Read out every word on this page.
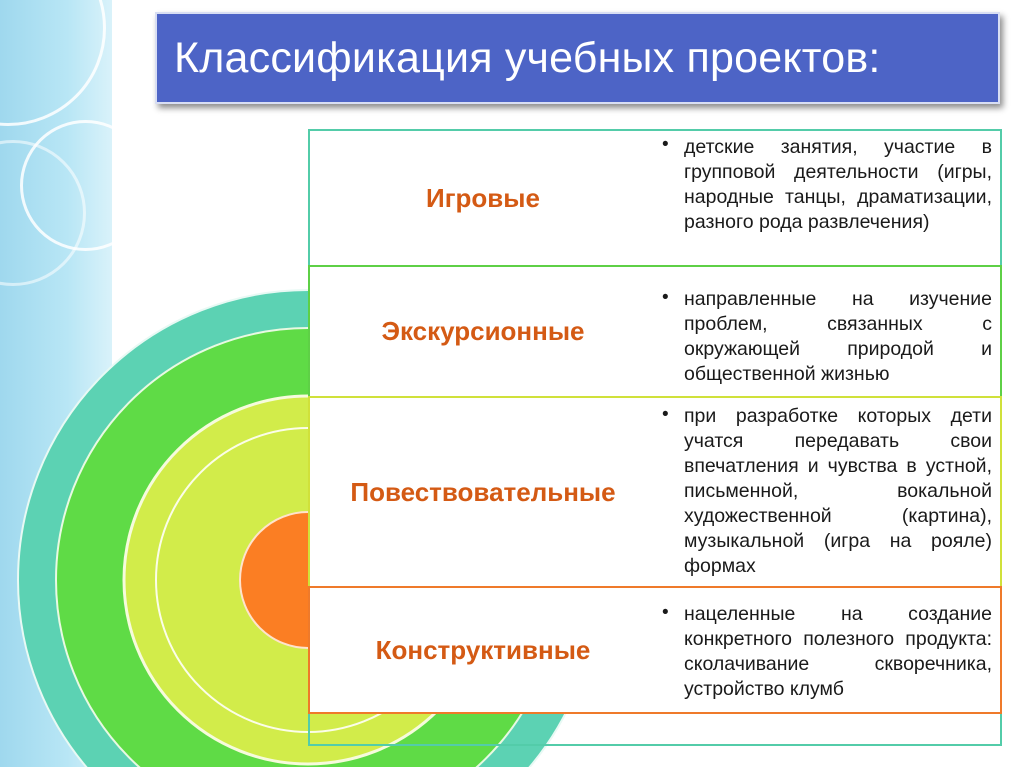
Классификация учебных проектов:
Игровые
• детские занятия, участие в групповой деятельности (игры, народные танцы, драматизации, разного рода развлечения)
Экскурсионные
• направленные на изучение проблем, связанных с окружающей природой и общественной жизнью
Повествовательные
• при разработке которых дети учатся передавать свои впечатления и чувства в устной, письменной, вокальной художественной (картина), музыкальной (игра на рояле) формах
Конструктивные
• нацеленные на создание конкретного полезного продукта: сколачивание скворечника, устройство клумб
